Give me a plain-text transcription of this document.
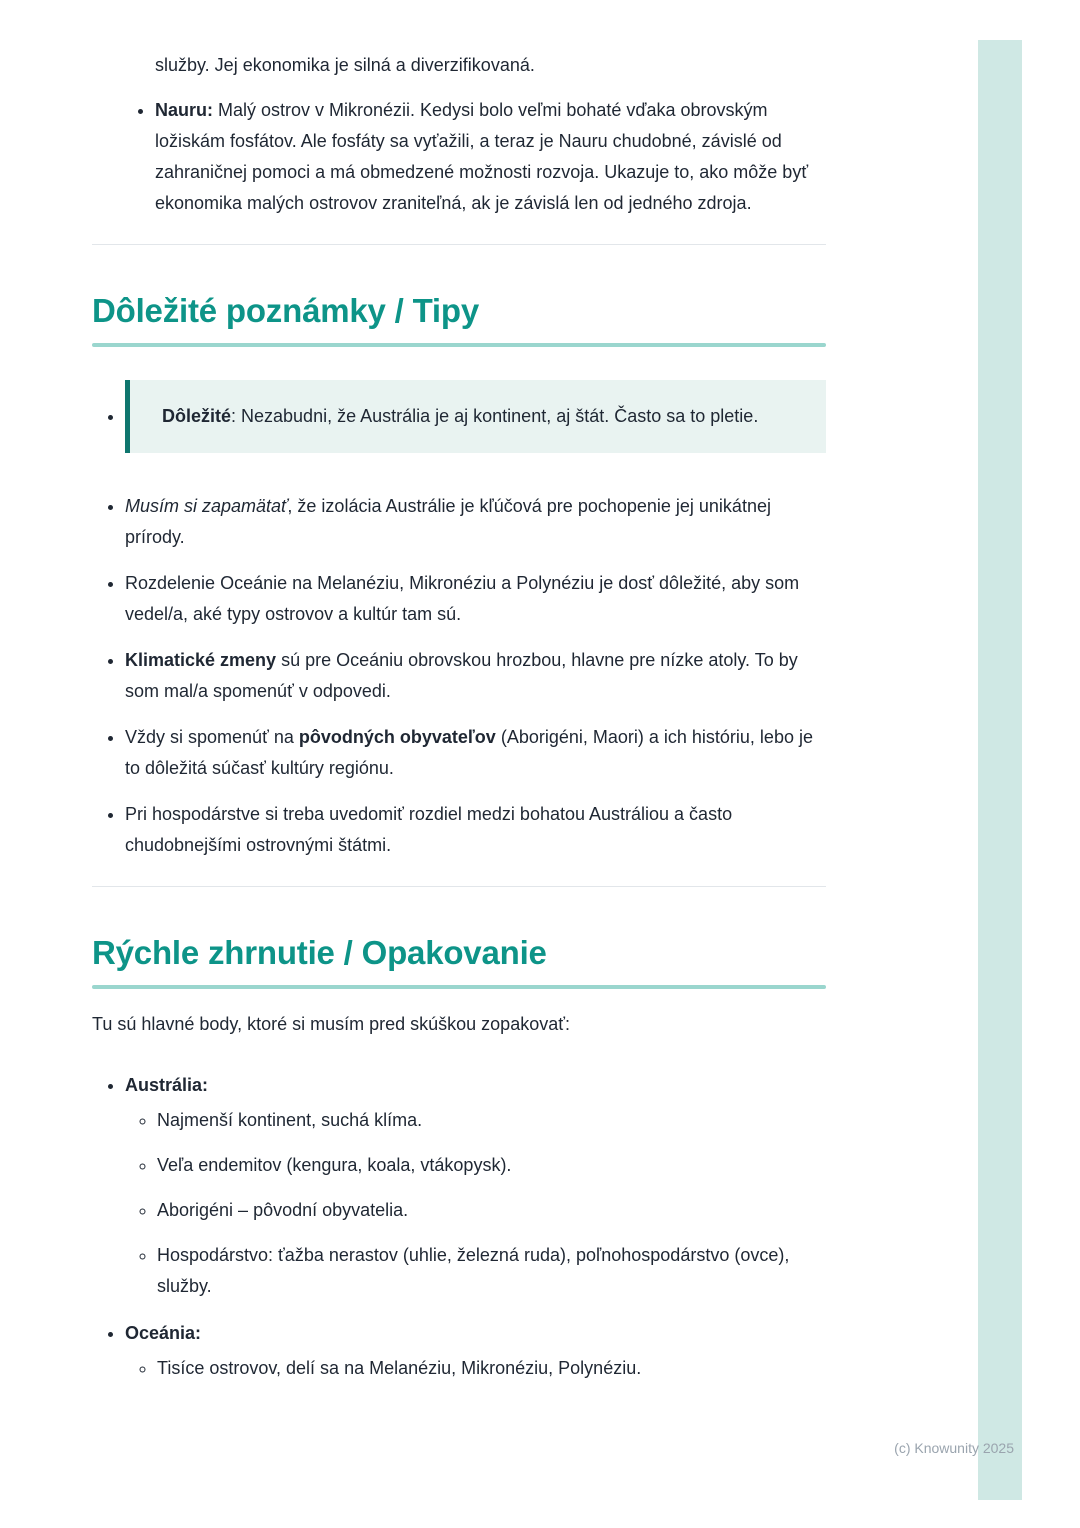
služby. Jej ekonomika je silná a diverzifikovaná.

• Nauru: Malý ostrov v Mikronézii. Kedysi bolo veľmi bohaté vďaka obrovským ložiskám fosfátov. Ale fosfáty sa vyťažili, a teraz je Nauru chudobné, závislé od zahraničnej pomoci a má obmedzené možnosti rozvoja. Ukazuje to, ako môže byť ekonomika malých ostrovov zraniteľná, ak je závislá len od jedného zdroja.
Dôležité poznámky / Tipy

• Dôležité: Nezabudni, že Austrália je aj kontinent, aj štát. Často sa to pletie.

• Musím si zapamätať, že izolácia Austrálie je kľúčová pre pochopenie jej unikátnej prírody.
• Rozdelenie Oceánie na Melanéziu, Mikronéziu a Polynéziu je dosť dôležité, aby som vedel/a, aké typy ostrovov a kultúr tam sú.
• Klimatické zmeny sú pre Oceániu obrovskou hrozbou, hlavne pre nízke atoly. To by som mal/a spomenúť v odpovedi.
• Vždy si spomenúť na pôvodných obyvateľov (Aborigéni, Maori) a ich históriu, lebo je to dôležitá súčasť kultúry regiónu.
• Pri hospodárstve si treba uvedomiť rozdiel medzi bohatou Austráliou a často chudobnejšími ostrovnými štátmi.
Rýchle zhrnutie / Opakovanie

Tu sú hlavné body, ktoré si musím pred skúškou zopakovať:

• Austrália:
◦ Najmenší kontinent, suchá klíma.
◦ Veľa endemitov (kengura, koala, vtákopysk).
◦ Aborigéni – pôvodní obyvatelia.
◦ Hospodárstvo: ťažba nerastov (uhlie, železná ruda), poľnohospodárstvo (ovce), služby.
• Oceánia:
◦ Tisíce ostrovov, delí sa na Melanéziu, Mikronéziu, Polynéziu.
(c) Knowunity 2025
